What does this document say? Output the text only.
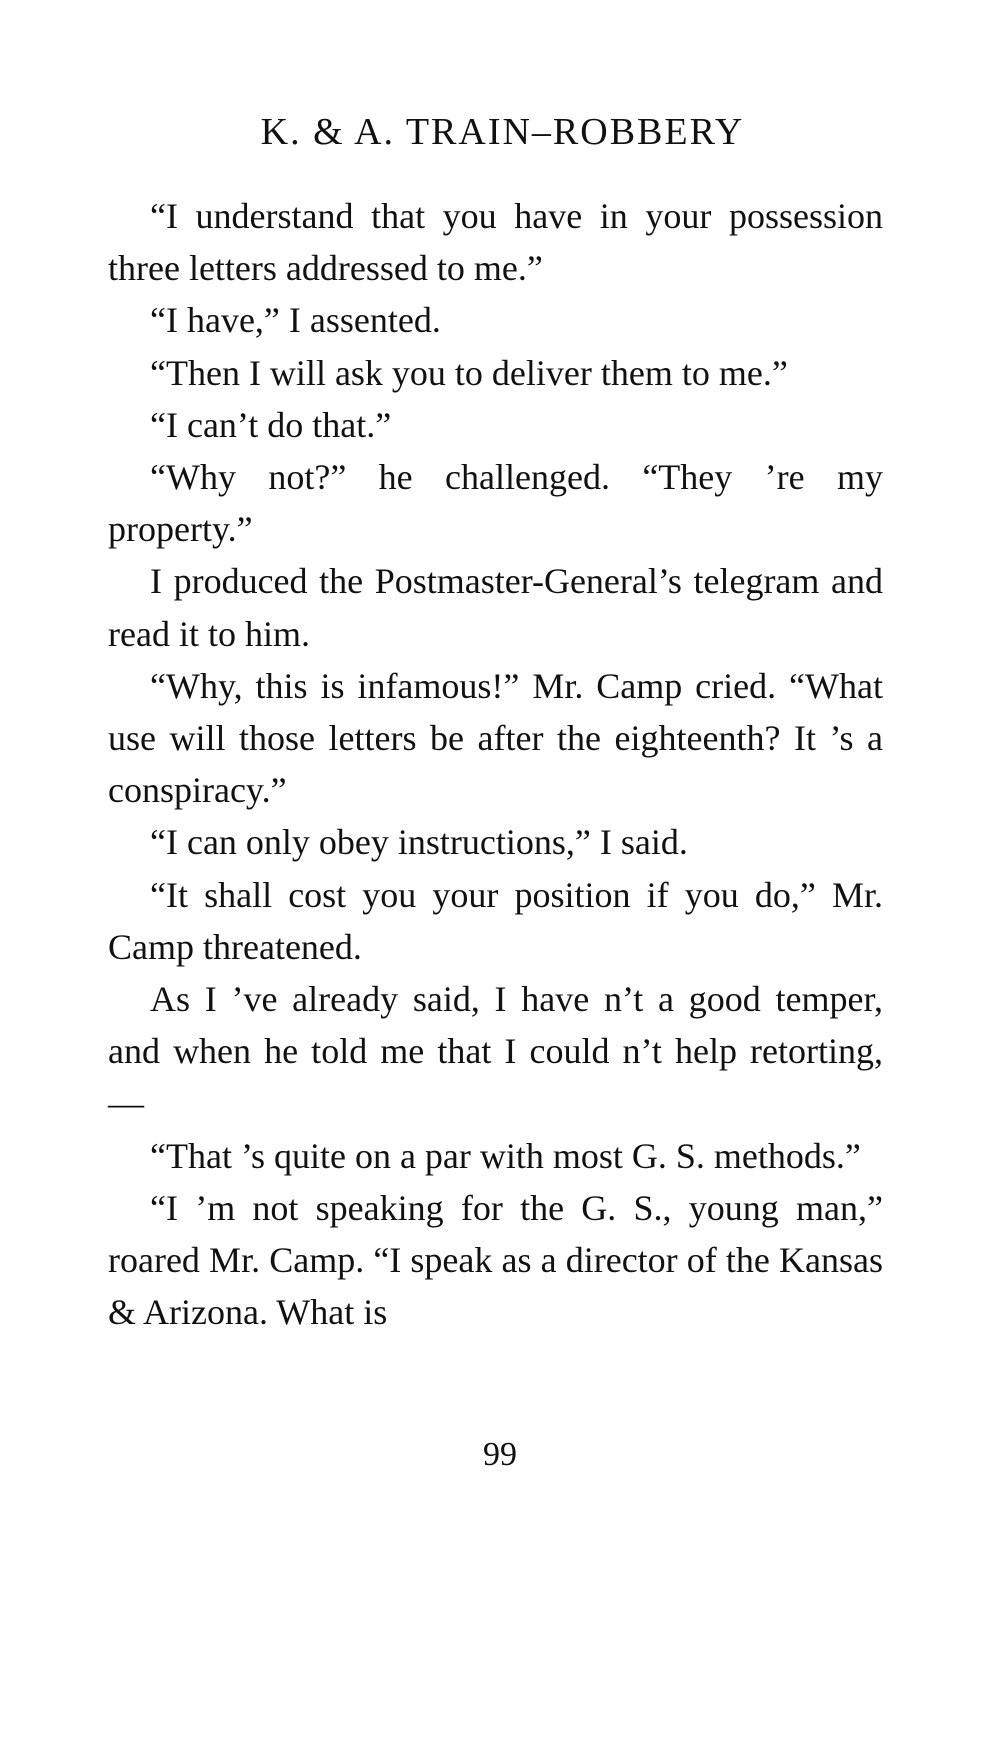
K. & A. TRAIN–ROBBERY

“I understand that you have in your possession three letters addressed to me.”

“I have,” I assented.

“Then I will ask you to deliver them to me.”

“I can’t do that.”

“Why not?” he challenged. “They ’re my property.”

I produced the Postmaster-General’s telegram and read it to him.

“Why, this is infamous!” Mr. Camp cried. “What use will those letters be after the eighteenth? It ’s a conspiracy.”

“I can only obey instructions,” I said.

“It shall cost you your position if you do,” Mr. Camp threatened.

As I ’ve already said, I have n’t a good temper, and when he told me that I could n’t help retorting, —

“That ’s quite on a par with most G. S. methods.”

“I ’m not speaking for the G. S., young man,” roared Mr. Camp. “I speak as a director of the Kansas & Arizona. What is

99
